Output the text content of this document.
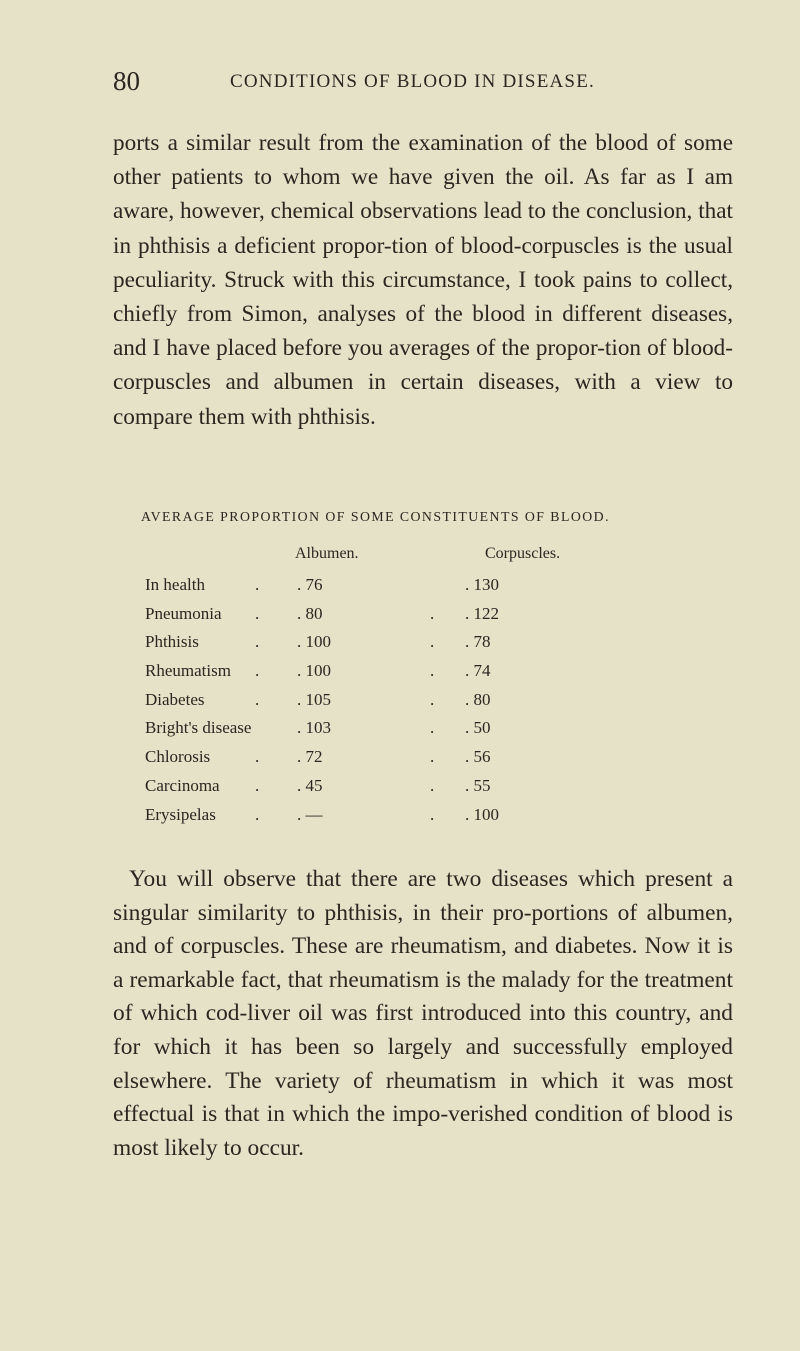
80	CONDITIONS OF BLOOD IN DISEASE.

ports a similar result from the examination of the blood of some other patients to whom we have given the oil. As far as I am aware, however, chemical observations lead to the conclusion, that in phthisis a deficient propor-tion of blood-corpuscles is the usual peculiarity. Struck with this circumstance, I took pains to collect, chiefly from Simon, analyses of the blood in different diseases, and I have placed before you averages of the propor-tion of blood-corpuscles and albumen in certain diseases, with a view to compare them with phthisis.

AVERAGE PROPORTION OF SOME CONSTITUENTS OF BLOOD.
Albumen.	Corpuscles.
In health	. . 76	. 130
Pneumonia . . 80	. . 122
Phthisis	. . 100	. . 78
Rheumatism . . 100	. . 74
Diabetes	. . 105	. . 80
Bright's disease	. 103	. . 50
Chlorosis	. . 72	. . 56
Carcinoma . . 45	. . 55
Erysipelas . . —	. . 100

You will observe that there are two diseases which present a singular similarity to phthisis, in their pro-portions of albumen, and of corpuscles. These are rheumatism, and diabetes. Now it is a remarkable fact, that rheumatism is the malady for the treatment of which cod-liver oil was first introduced into this country, and for which it has been so largely and successfully employed elsewhere. The variety of rheumatism in which it was most effectual is that in which the impo-verished condition of blood is most likely to occur.
